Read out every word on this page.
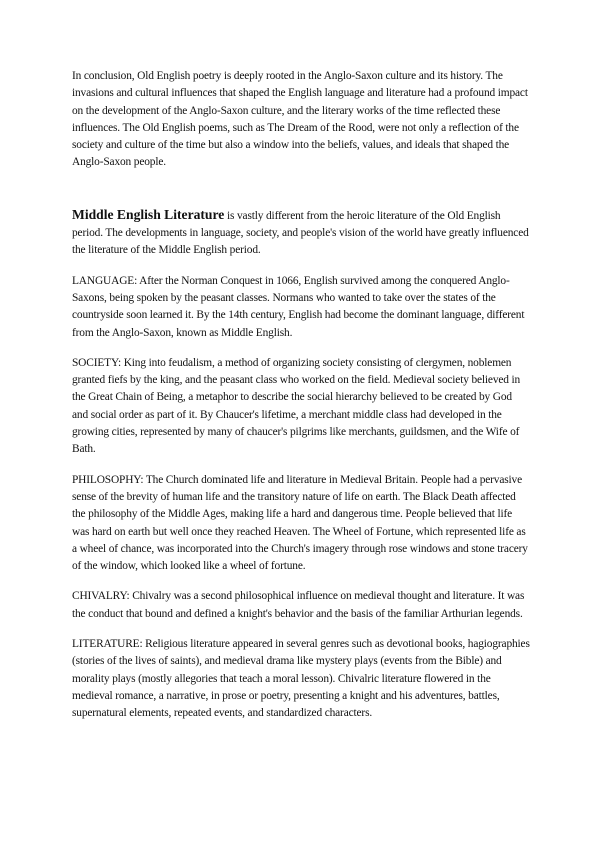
In conclusion, Old English poetry is deeply rooted in the Anglo-Saxon culture and its history. The invasions and cultural influences that shaped the English language and literature had a profound impact on the development of the Anglo-Saxon culture, and the literary works of the time reflected these influences. The Old English poems, such as The Dream of the Rood, were not only a reflection of the society and culture of the time but also a window into the beliefs, values, and ideals that shaped the Anglo-Saxon people.

Middle English Literature is vastly different from the heroic literature of the Old English period. The developments in language, society, and people's vision of the world have greatly influenced the literature of the Middle English period.

LANGUAGE: After the Norman Conquest in 1066, English survived among the conquered Anglo-Saxons, being spoken by the peasant classes. Normans who wanted to take over the states of the countryside soon learned it. By the 14th century, English had become the dominant language, different from the Anglo-Saxon, known as Middle English.

SOCIETY: King into feudalism, a method of organizing society consisting of clergymen, noblemen granted fiefs by the king, and the peasant class who worked on the field. Medieval society believed in the Great Chain of Being, a metaphor to describe the social hierarchy believed to be created by God and social order as part of it. By Chaucer's lifetime, a merchant middle class had developed in the growing cities, represented by many of chaucer's pilgrims like merchants, guildsmen, and the Wife of Bath.

PHILOSOPHY: The Church dominated life and literature in Medieval Britain. People had a pervasive sense of the brevity of human life and the transitory nature of life on earth. The Black Death affected the philosophy of the Middle Ages, making life a hard and dangerous time. People believed that life was hard on earth but well once they reached Heaven. The Wheel of Fortune, which represented life as a wheel of chance, was incorporated into the Church's imagery through rose windows and stone tracery of the window, which looked like a wheel of fortune.

CHIVALRY: Chivalry was a second philosophical influence on medieval thought and literature. It was the conduct that bound and defined a knight's behavior and the basis of the familiar Arthurian legends.

LITERATURE: Religious literature appeared in several genres such as devotional books, hagiographies (stories of the lives of saints), and medieval drama like mystery plays (events from the Bible) and morality plays (mostly allegories that teach a moral lesson). Chivalric literature flowered in the medieval romance, a narrative, in prose or poetry, presenting a knight and his adventures, battles, supernatural elements, repeated events, and standardized characters.
